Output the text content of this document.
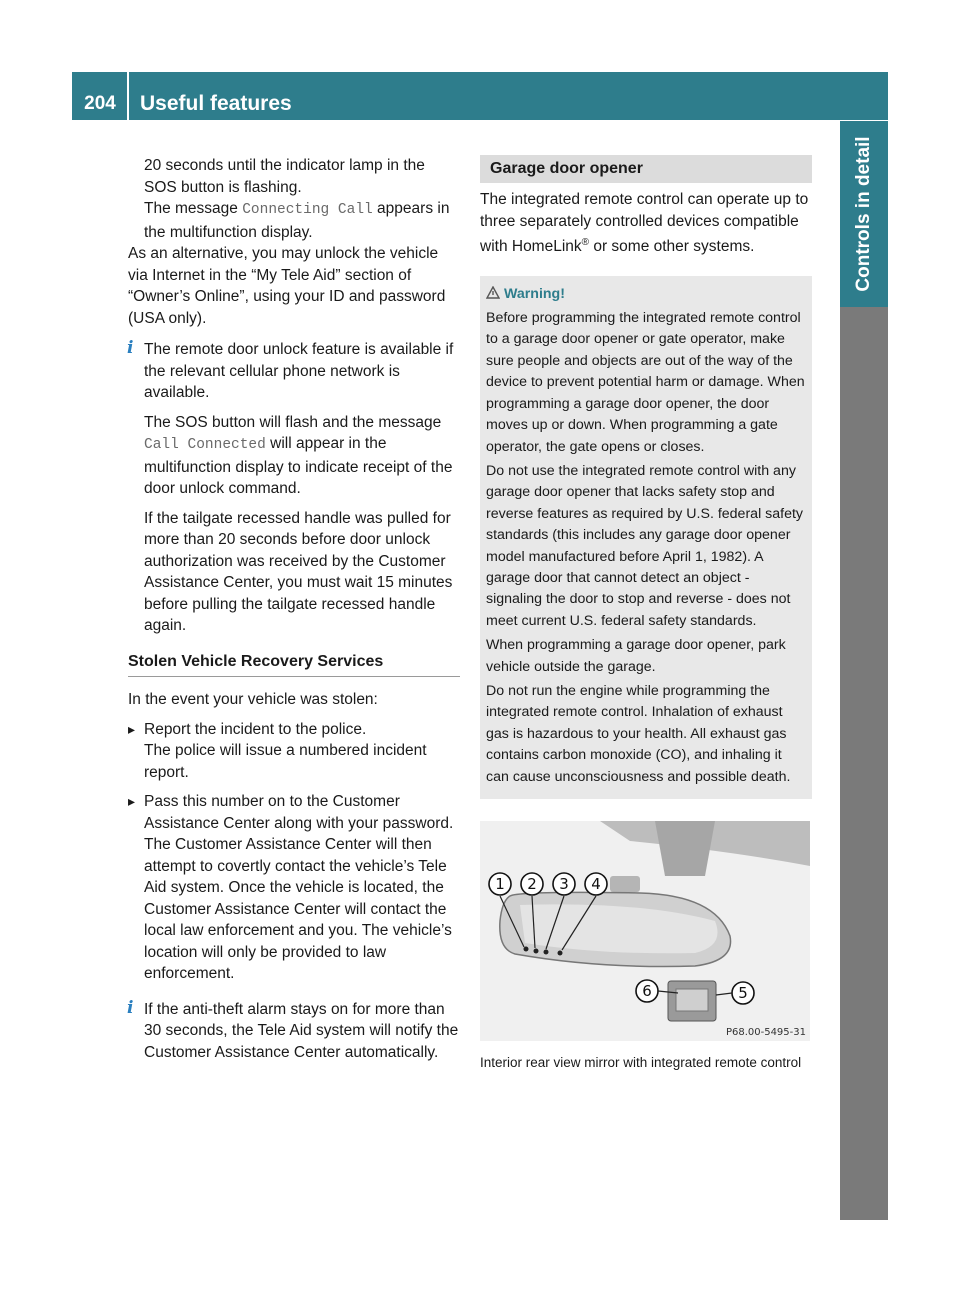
204	Useful features
Controls in detail

20 seconds until the indicator lamp in the SOS button is flashing.

The message Connecting Call appears in the multifunction display.

As an alternative, you may unlock the vehicle via Internet in the “My Tele Aid” section of “Owner’s Online”, using your ID and password (USA only).

i The remote door unlock feature is available if the relevant cellular phone network is available.

The SOS button will flash and the message Call Connected will appear in the multifunction display to indicate receipt of the door unlock command.

If the tailgate recessed handle was pulled for more than 20 seconds before door unlock authorization was received by the Customer Assistance Center, you must wait 15 minutes before pulling the tailgate recessed handle again.

Stolen Vehicle Recovery Services

In the event your vehicle was stolen:

▸ Report the incident to the police.

The police will issue a numbered incident report.

▸ Pass this number on to the Customer Assistance Center along with your password.

The Customer Assistance Center will then attempt to covertly contact the vehicle’s Tele Aid system. Once the vehicle is located, the Customer Assistance Center will contact the local law enforcement and you. The vehicle’s location will only be provided to law enforcement.

i If the anti-theft alarm stays on for more than 30 seconds, the Tele Aid system will notify the Customer Assistance Center automatically.

Garage door opener

The integrated remote control can operate up to three separately controlled devices compatible with HomeLink® or some other systems.

Warning!

Before programming the integrated remote control to a garage door opener or gate operator, make sure people and objects are out of the way of the device to prevent potential harm or damage. When programming a garage door opener, the door moves up or down. When programming a gate operator, the gate opens or closes.

Do not use the integrated remote control with any garage door opener that lacks safety stop and reverse features as required by U.S. federal safety standards (this includes any garage door opener model manufactured before April 1, 1982). A garage door that cannot detect an object - signaling the door to stop and reverse - does not meet current U.S. federal safety standards.

When programming a garage door opener, park vehicle outside the garage.

Do not run the engine while programming the integrated remote control. Inhalation of exhaust gas is hazardous to your health. All exhaust gas contains carbon monoxide (CO), and inhaling it can cause unconsciousness and possible death.

1 2 3 4
5
6
P68.00-5495-31

Interior rear view mirror with integrated remote control
